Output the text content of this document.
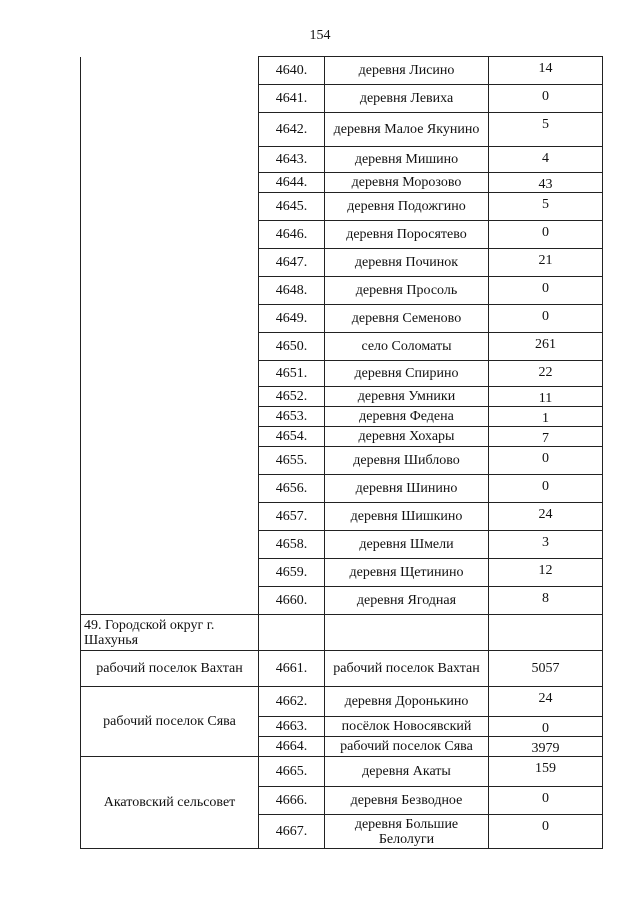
154
	4640.	деревня Лисино	14
	4641.	деревня Левиха	0
	4642.	деревня Малое Якунино	5
	4643.	деревня Мишино	4
	4644.	деревня Морозово	43
	4645.	деревня Подожгино	5
	4646.	деревня Поросятево	0
	4647.	деревня Починок	21
	4648.	деревня Просоль	0
	4649.	деревня Семеново	0
	4650.	село Соломаты	261
	4651.	деревня Спирино	22
	4652.	деревня Умники	11
	4653.	деревня Федена	1
	4654.	деревня Хохары	7
	4655.	деревня Шиблово	0
	4656.	деревня Шинино	0
	4657.	деревня Шишкино	24
	4658.	деревня Шмели	3
	4659.	деревня Щетинино	12
	4660.	деревня Ягодная	8
49. Городской округ г. Шахунья			
рабочий поселок Вахтан	4661.	рабочий поселок Вахтан	5057
рабочий поселок Сява	4662.	деревня Доронькино	24
	4663.	посёлок Новосявский	0
	4664.	рабочий поселок Сява	3979
Акатовский сельсовет	4665.	деревня Акаты	159
	4666.	деревня Безводное	0
	4667.	деревня Большие Белолуги	0
